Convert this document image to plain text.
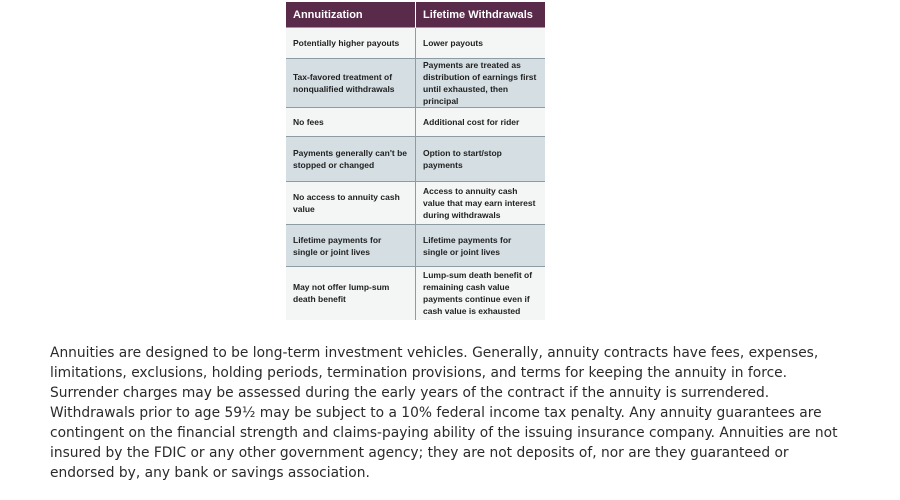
Annuitization	Lifetime Withdrawals
Potentially higher payouts	Lower payouts
Tax-favored treatment of nonqualified withdrawals	Payments are treated as distribution of earnings first until exhausted, then principal
No fees	Additional cost for rider
Payments generally can't be stopped or changed	Option to start/stop payments
No access to annuity cash value	Access to annuity cash value that may earn interest during withdrawals
Lifetime payments for single or joint lives	Lifetime payments for single or joint lives
May not offer lump-sum death benefit	Lump-sum death benefit of remaining cash value payments continue even if cash value is exhausted

Annuities are designed to be long-term investment vehicles. Generally, annuity contracts have fees, expenses, limitations, exclusions, holding periods, termination provisions, and terms for keeping the annuity in force. Surrender charges may be assessed during the early years of the contract if the annuity is surrendered. Withdrawals prior to age 59½ may be subject to a 10% federal income tax penalty. Any annuity guarantees are contingent on the financial strength and claims-paying ability of the issuing insurance company. Annuities are not insured by the FDIC or any other government agency; they are not deposits of, nor are they guaranteed or endorsed by, any bank or savings association.
